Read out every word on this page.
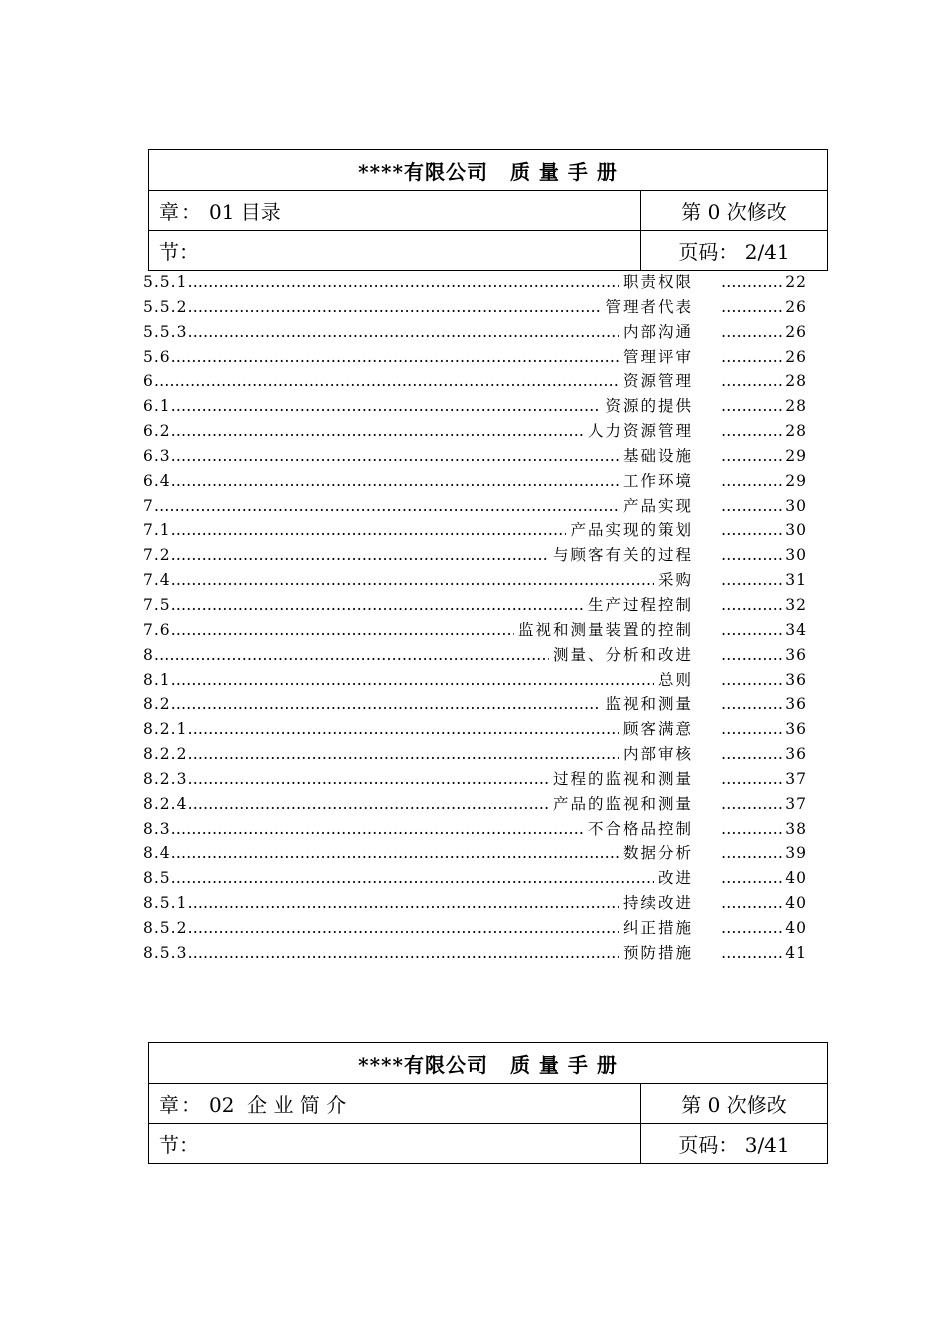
****有限公司 质 量 手 册
章： 01 目录	第 0 次修改
节：	页码： 2/41
5.5.1 ……………………………………………………………………………………………………………………………………	职责权限 …………	22
5.5.2 ……………………………………………………………………………………………………………………………………	管理者代表 …………	26
5.5.3 ……………………………………………………………………………………………………………………………………	内部沟通 …………	26
5.6 ……………………………………………………………………………………………………………………………………	管理评审 …………	26
6 ……………………………………………………………………………………………………………………………………	资源管理 …………	28
6.1 ……………………………………………………………………………………………………………………………………	资源的提供 …………	28
6.2 ……………………………………………………………………………………………………………………………………	人力资源管理 …………	28
6.3 ……………………………………………………………………………………………………………………………………	基础设施 …………	29
6.4 ……………………………………………………………………………………………………………………………………	工作环境 …………	29
7 ……………………………………………………………………………………………………………………………………	产品实现 …………	30
7.1 ……………………………………………………………………………………………………………………………………	产品实现的策划 …………	30
7.2 ……………………………………………………………………………………………………………………………………	与顾客有关的过程 …………	30
7.4 ……………………………………………………………………………………………………………………………………	采购 …………	31
7.5 ……………………………………………………………………………………………………………………………………	生产过程控制 …………	32
7.6 ……………………………………………………………………………………………………………………………………	监视和测量装置的控制 …………	34
8 ……………………………………………………………………………………………………………………………………	测量、分析和改进 …………	36
8.1 ……………………………………………………………………………………………………………………………………	总则 …………	36
8.2 ……………………………………………………………………………………………………………………………………	监视和测量 …………	36
8.2.1 ……………………………………………………………………………………………………………………………………	顾客满意 …………	36
8.2.2 ……………………………………………………………………………………………………………………………………	内部审核 …………	36
8.2.3 ……………………………………………………………………………………………………………………………………	过程的监视和测量 …………	37
8.2.4 ……………………………………………………………………………………………………………………………………	产品的监视和测量 …………	37
8.3 ……………………………………………………………………………………………………………………………………	不合格品控制 …………	38
8.4 ……………………………………………………………………………………………………………………………………	数据分析 …………	39
8.5 ……………………………………………………………………………………………………………………………………	改进 …………	40
8.5.1 ……………………………………………………………………………………………………………………………………	持续改进 …………	40
8.5.2 ……………………………………………………………………………………………………………………………………	纠正措施 …………	40
8.5.3 ……………………………………………………………………………………………………………………………………	预防措施 …………	41
****有限公司 质 量 手 册
章： 02  企 业 简 介	第 0 次修改
节：	页码： 3/41
